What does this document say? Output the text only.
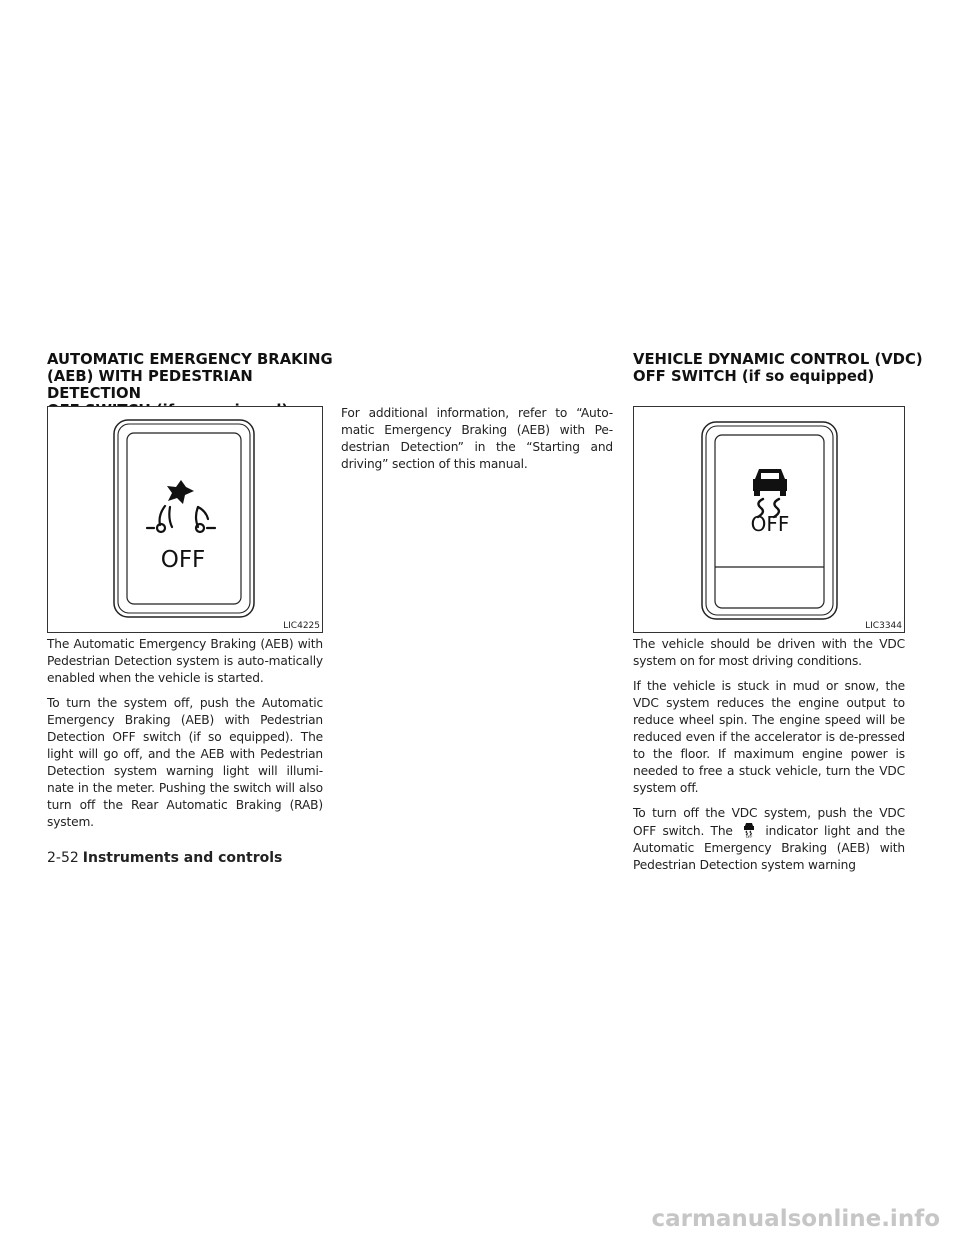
AUTOMATIC EMERGENCY BRAKING
(AEB) WITH PEDESTRIAN DETECTION

OFF
LIC4225

The Automatic Emergency Braking (AEB) with Pedestrian Detection system is auto-matically enabled when the vehicle is started.

To turn the system off, push the Automatic Emergency Braking (AEB) with Pedestrian Detection OFF switch (if so equipped). The light will go off, and the AEB with Pedestrian Detection system warning light will illumi-nate in the meter. Pushing the switch will also turn off the Rear Automatic Braking (RAB) system.

For additional information, refer to “Auto-matic Emergency Braking (AEB) with Pe-destrian Detection” in the “Starting and driving” section of this manual.

VEHICLE DYNAMIC CONTROL (VDC)
OFF SWITCH (if so equipped)
OFF
LIC3344

The vehicle should be driven with the VDC system on for most driving conditions.

If the vehicle is stuck in mud or snow, the VDC system reduces the engine output to reduce wheel spin. The engine speed will be reduced even if the accelerator is de-pressed to the floor. If maximum engine power is needed to free a stuck vehicle, turn the VDC system off.

To turn off the VDC system, push the VDC OFF switch. The	OFF indicator light and the Automatic Emergency Braking (AEB) with Pedestrian Detection system warning

2-52 Instruments and controls
carmanualsonline.info
